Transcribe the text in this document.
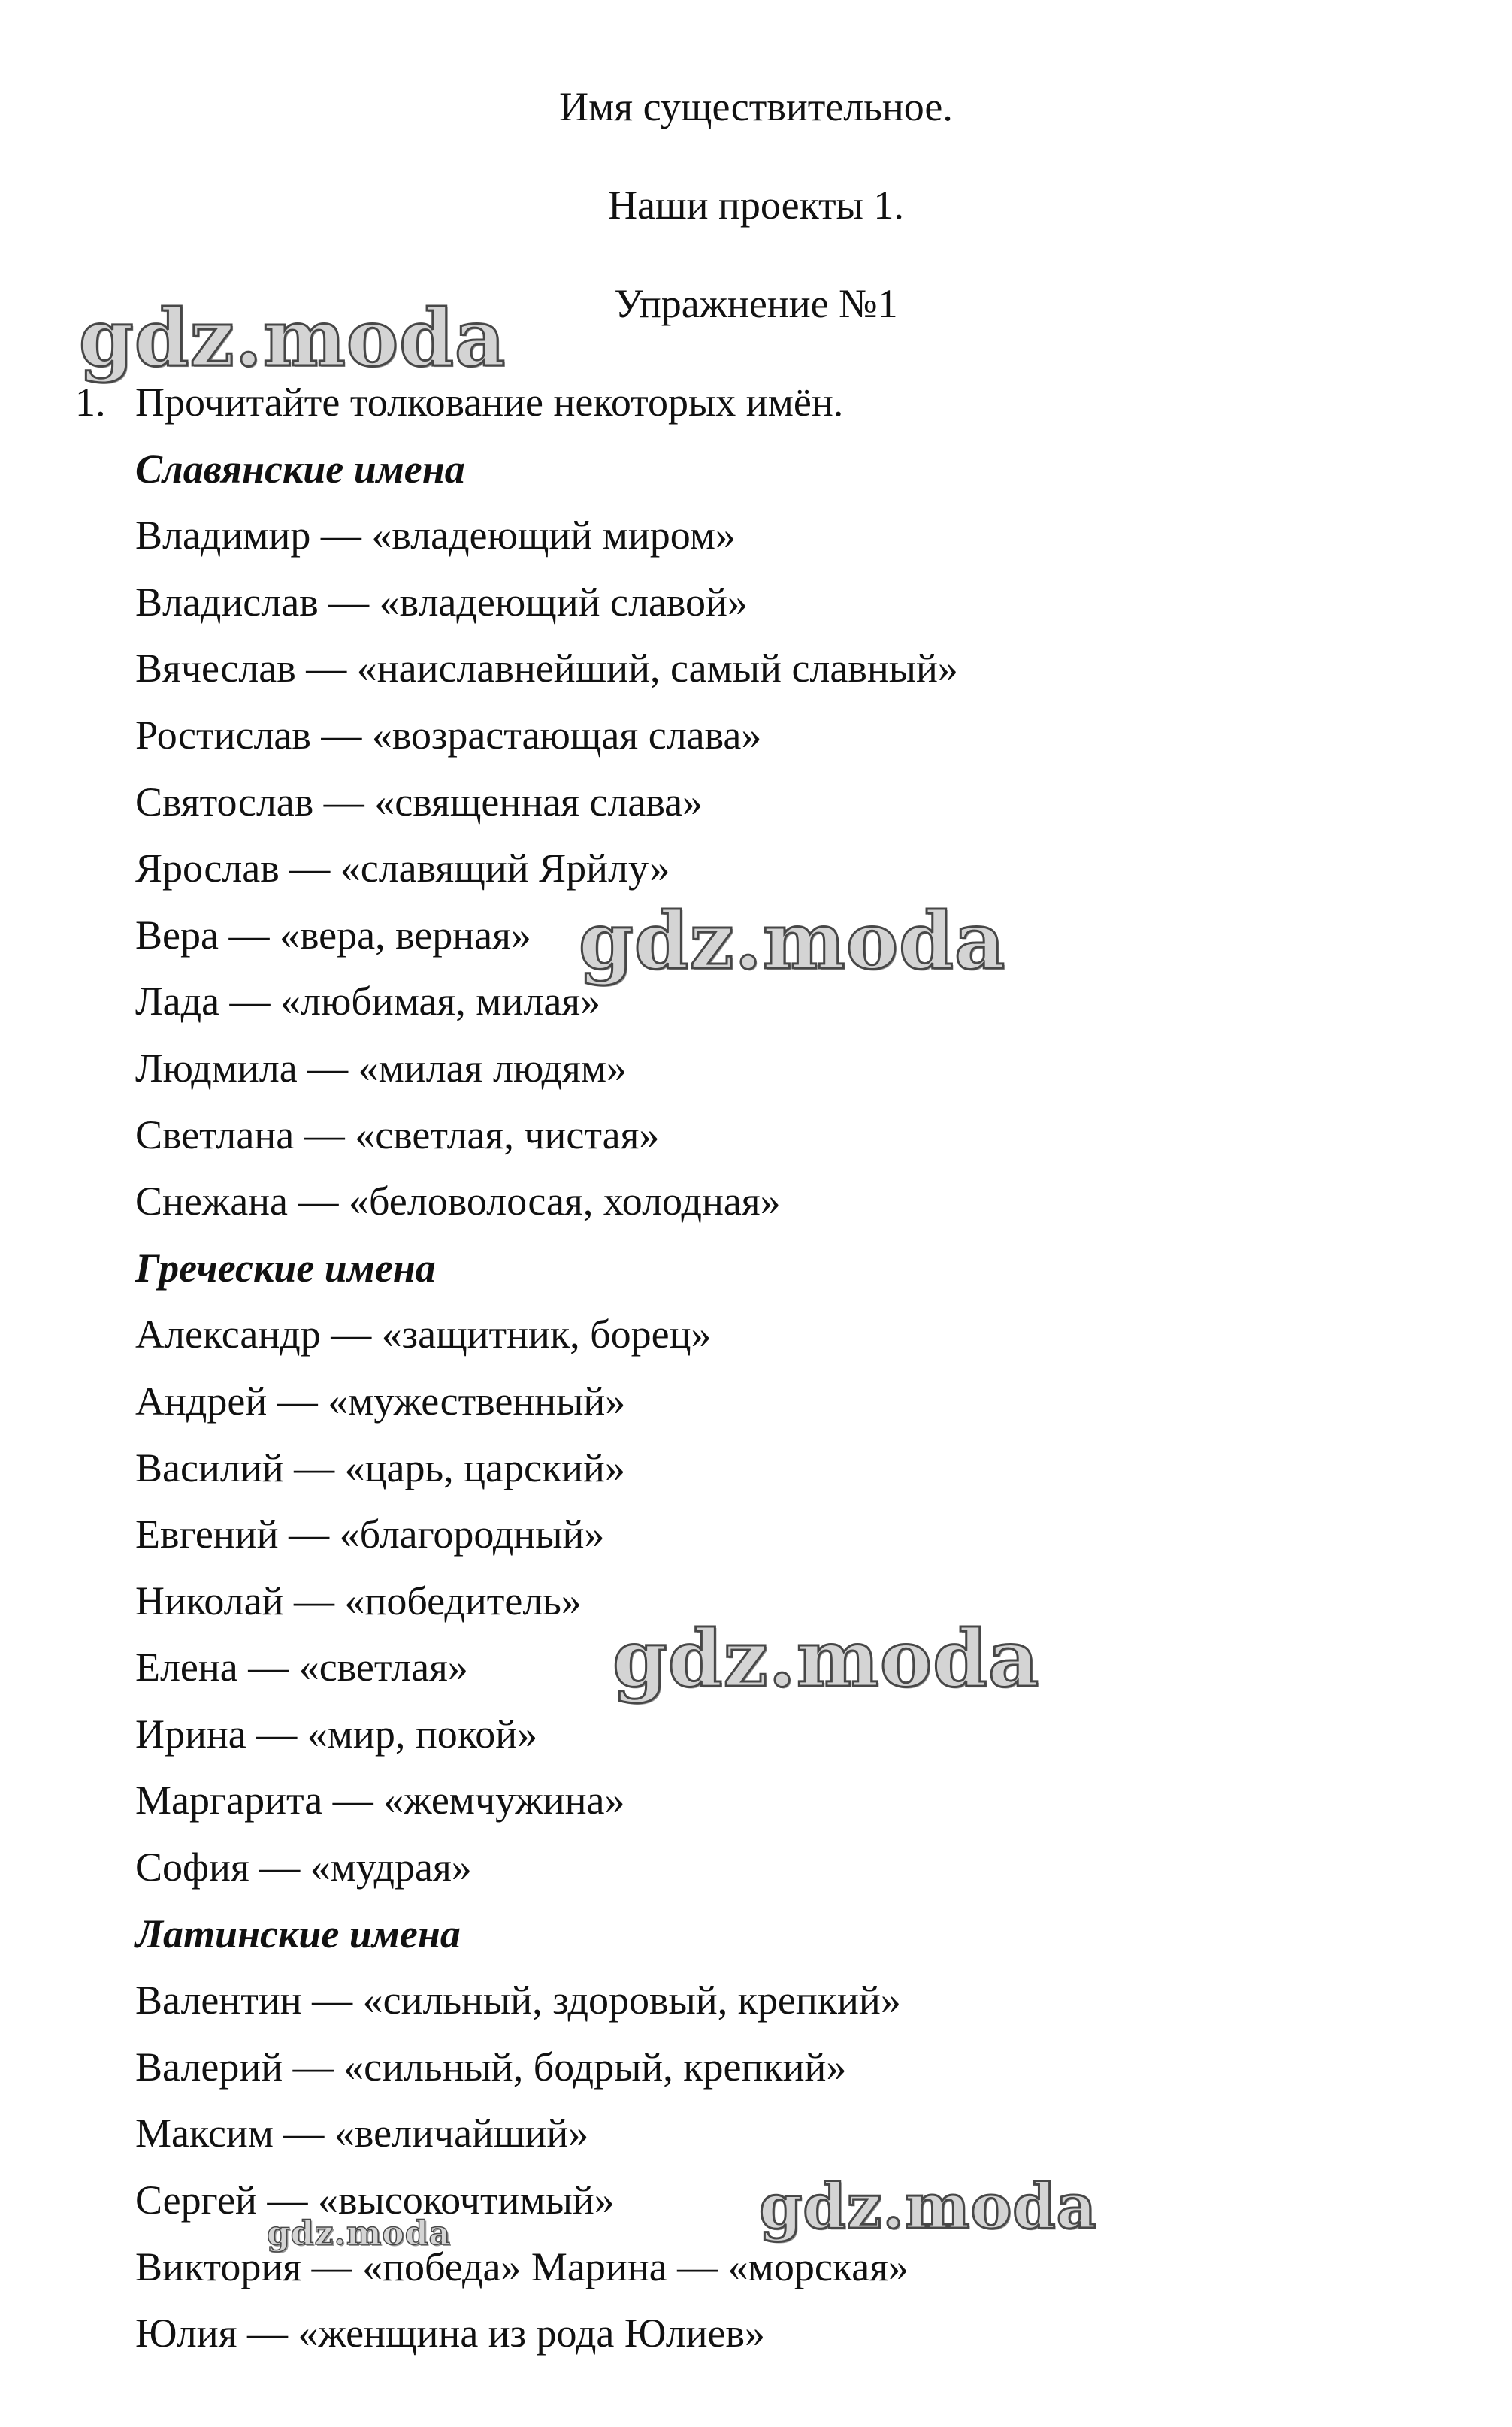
Имя существительное.
Наши проекты 1.
Упражнение №1
1. Прочитайте толкование некоторых имён.
Славянские имена
Владимир — «владеющий миром»
Владислав — «владеющий славой»
Вячеслав — «наиславнейший, самый славный»
Ростислав — «возрастающая слава»
Святослав — «священная слава»
Ярослав — «славящий Ярйлу»
Вера — «вера, верная»
Лада — «любимая, милая»
Людмила — «милая людям»
Светлана — «светлая, чистая»
Снежана — «беловолосая, холодная»
Греческие имена
Александр — «защитник, борец»
Андрей — «мужественный»
Василий — «царь, царский»
Евгений — «благородный»
Николай — «победитель»
Елена — «светлая»
Ирина — «мир, покой»
Маргарита — «жемчужина»
София — «мудрая»
Латинские имена
Валентин — «сильный, здоровый, крепкий»
Валерий — «сильный, бодрый, крепкий»
Максим — «величайший»
Сергей — «высокочтимый»
Виктория — «победа» Марина — «морская»
Юлия — «женщина из рода Юлиев»
gdz.moda
gdz.moda
gdz.moda
gdz.moda
gdz.moda
